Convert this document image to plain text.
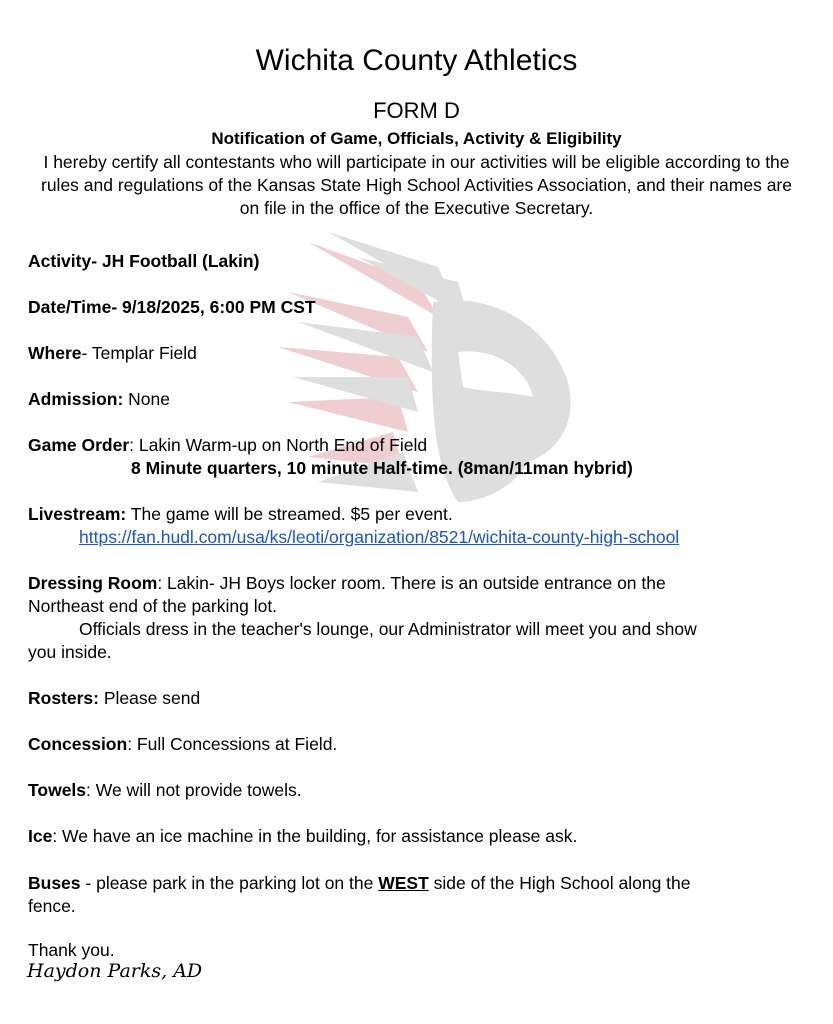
Wichita County Athletics
FORM D
Notification of Game, Officials, Activity & Eligibility
I hereby certify all contestants who will participate in our activities will be eligible according to the rules and regulations of the Kansas State High School Activities Association, and their names are on file in the office of the Executive Secretary.
Activity- JH Football (Lakin)
Date/Time- 9/18/2025, 6:00 PM CST
Where- Templar Field
Admission: None
Game Order: Lakin Warm-up on North End of Field
8 Minute quarters, 10 minute Half-time. (8man/11man hybrid)
Livestream: The game will be streamed. $5 per event.
https://fan.hudl.com/usa/ks/leoti/organization/8521/wichita-county-high-school
Dressing Room: Lakin- JH Boys locker room. There is an outside entrance on the
Northeast end of the parking lot.
Officials dress in the teacher's lounge, our Administrator will meet you and show
you inside.
Rosters: Please send
Concession: Full Concessions at Field.
Towels: We will not provide towels.
Ice: We have an ice machine in the building, for assistance please ask.
Buses - please park in the parking lot on the WEST side of the High School along the
fence.
Thank you.
Haydon Parks, AD
